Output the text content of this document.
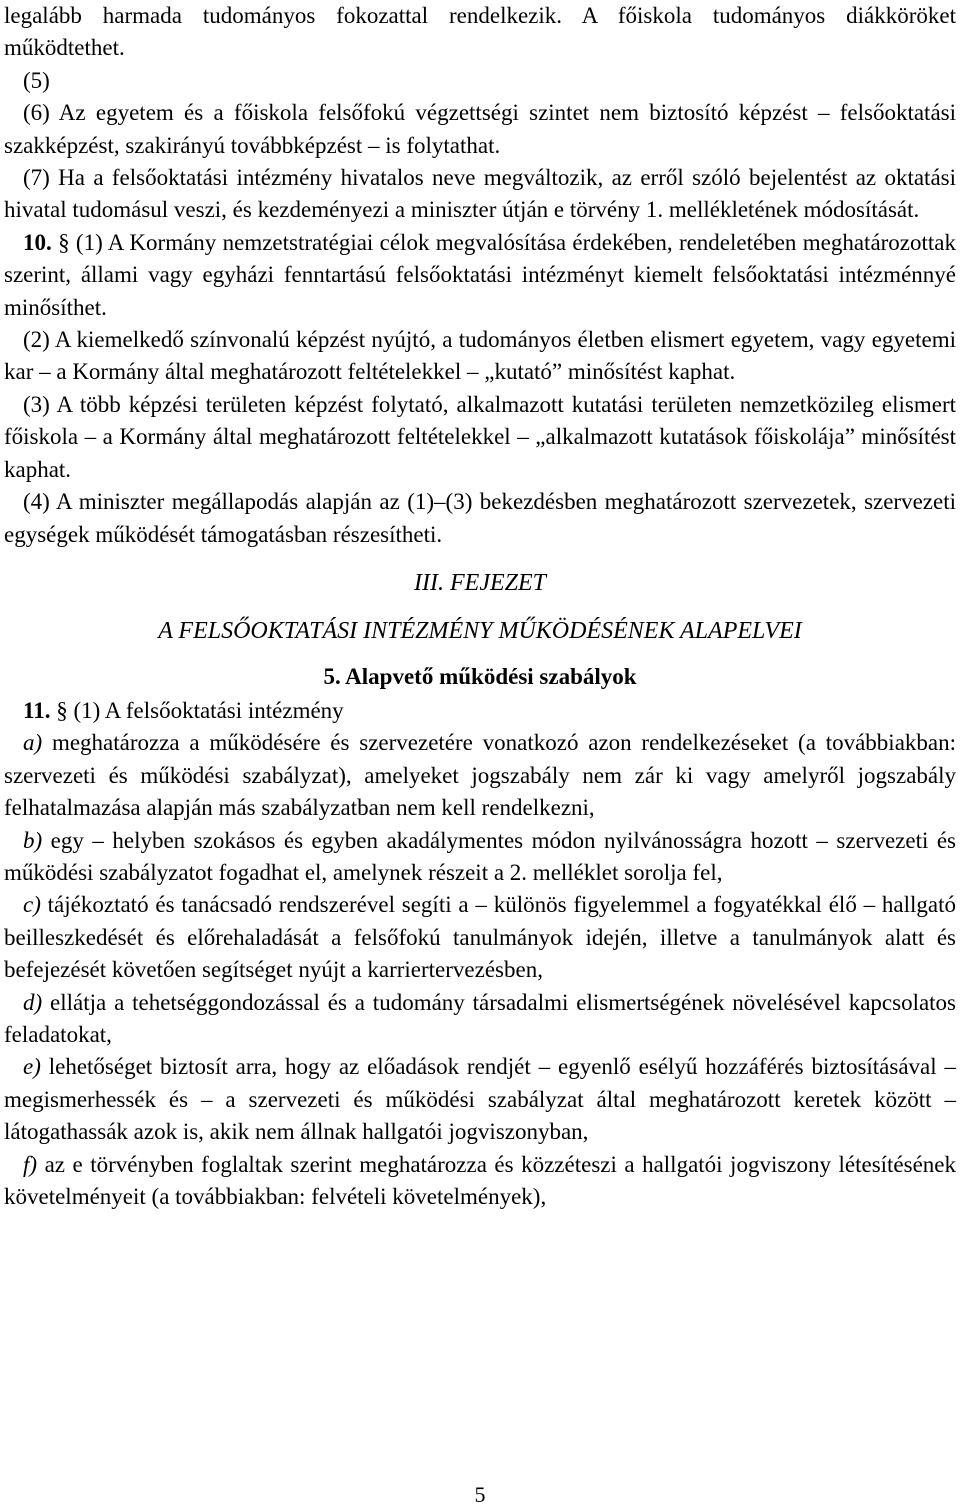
legalább harmada tudományos fokozattal rendelkezik. A főiskola tudományos diákköröket működtethet.

(5)

(6) Az egyetem és a főiskola felsőfokú végzettségi szintet nem biztosító képzést – felsőoktatási szakképzést, szakirányú továbbképzést – is folytathat.

(7) Ha a felsőoktatási intézmény hivatalos neve megváltozik, az erről szóló bejelentést az oktatási hivatal tudomásul veszi, és kezdeményezi a miniszter útján e törvény 1. mellékletének módosítását.

10. § (1) A Kormány nemzetstratégiai célok megvalósítása érdekében, rendeletében meghatározottak szerint, állami vagy egyházi fenntartású felsőoktatási intézményt kiemelt felsőoktatási intézménnyé minősíthet.

(2) A kiemelkedő színvonalú képzést nyújtó, a tudományos életben elismert egyetem, vagy egyetemi kar – a Kormány által meghatározott feltételekkel – „kutató” minősítést kaphat.

(3) A több képzési területen képzést folytató, alkalmazott kutatási területen nemzetközileg elismert főiskola – a Kormány által meghatározott feltételekkel – „alkalmazott kutatások főiskolája” minősítést kaphat.

(4) A miniszter megállapodás alapján az (1)–(3) bekezdésben meghatározott szervezetek, szervezeti egységek működését támogatásban részesítheti.

III. FEJEZET
A FELSŐOKTATÁSI INTÉZMÉNY MŰKÖDÉSÉNEK ALAPELVEI
5. Alapvető működési szabályok

11. § (1) A felsőoktatási intézmény

a) meghatározza a működésére és szervezetére vonatkozó azon rendelkezéseket (a továbbiakban: szervezeti és működési szabályzat), amelyeket jogszabály nem zár ki vagy amelyről jogszabály felhatalmazása alapján más szabályzatban nem kell rendelkezni,

b) egy – helyben szokásos és egyben akadálymentes módon nyilvánosságra hozott – szervezeti és működési szabályzatot fogadhat el, amelynek részeit a 2. melléklet sorolja fel,

c) tájékoztató és tanácsadó rendszerével segíti a – különös figyelemmel a fogyatékkal élő – hallgató beilleszkedését és előrehaladását a felsőfokú tanulmányok idején, illetve a tanulmányok alatt és befejezését követően segítséget nyújt a karriertervezésben,

d) ellátja a tehetséggondozással és a tudomány társadalmi elismertségének növelésével kapcsolatos feladatokat,

e) lehetőséget biztosít arra, hogy az előadások rendjét – egyenlő esélyű hozzáférés biztosításával – megismerhessék és – a szervezeti és működési szabályzat által meghatározott keretek között – látogathassák azok is, akik nem állnak hallgatói jogviszonyban,

f) az e törvényben foglaltak szerint meghatározza és közzéteszi a hallgatói jogviszony létesítésének követelményeit (a továbbiakban: felvételi követelmények),

5
